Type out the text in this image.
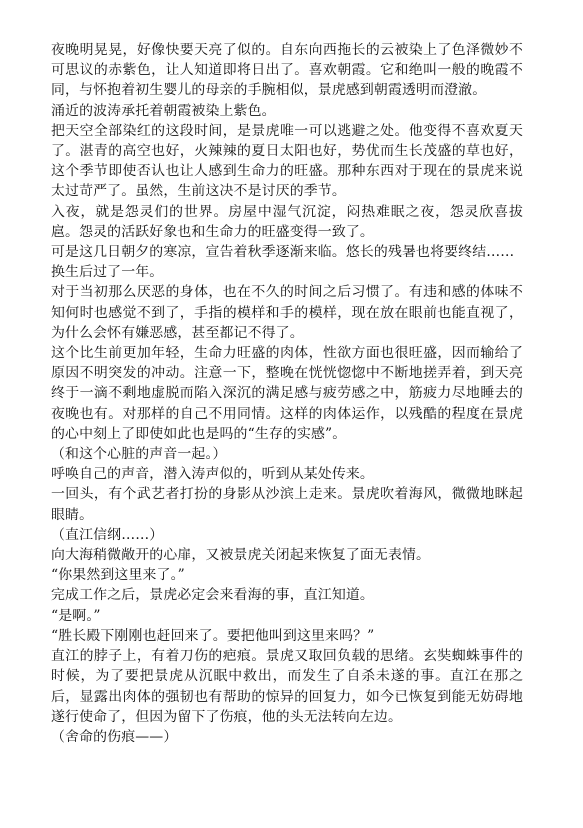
夜晚明晃晃，好像快要天亮了似的。自东向西拖长的云被染上了色泽微妙不可思议的赤紫色，让人知道即将日出了。喜欢朝霞。它和绝叫一般的晚霞不同，与怀抱着初生婴儿的母亲的手腕相似，景虎感到朝霞透明而澄澈。

涌近的波涛承托着朝霞被染上紫色。

把天空全部染红的这段时间，是景虎唯一可以逃避之处。他变得不喜欢夏天了。湛青的高空也好，火辣辣的夏日太阳也好，势优而生长茂盛的草也好，这个季节即使否认也让人感到生命力的旺盛。那种东西对于现在的景虎来说太过苛严了。虽然，生前这决不是讨厌的季节。

入夜，就是怨灵们的世界。房屋中湿气沉淀，闷热难眠之夜，怨灵欣喜拔扈。怨灵的活跃好象也和生命力的旺盛变得一致了。

可是这几日朝夕的寒凉，宣告着秋季逐渐来临。悠长的残暑也将要终结……

换生后过了一年。

对于当初那么厌恶的身体，也在不久的时间之后习惯了。有违和感的体味不知何时也感觉不到了，手指的模样和手的模样，现在放在眼前也能直视了，为什么会怀有嫌恶感，甚至都记不得了。

这个比生前更加年轻，生命力旺盛的肉体，性欲方面也很旺盛，因而输给了原因不明突发的冲动。注意一下，整晚在恍恍惚惚中不断地搓弄着，到天亮终于一滴不剩地虚脱而陷入深沉的满足感与疲劳感之中，筋疲力尽地睡去的夜晚也有。对那样的自己不用同情。这样的肉体运作，以残酷的程度在景虎的心中刻上了即使如此也是吗的“生存的实感”。

（和这个心脏的声音一起。）

呼唤自己的声音，潜入涛声似的，听到从某处传来。

一回头，有个武艺者打扮的身影从沙滨上走来。景虎吹着海风，微微地眯起眼睛。

（直江信纲……）

向大海稍微敞开的心扉，又被景虎关闭起来恢复了面无表情。

“你果然到这里来了。”

完成工作之后，景虎必定会来看海的事，直江知道。

“是啊。”

“胜长殿下刚刚也赶回来了。要把他叫到这里来吗？”

直江的脖子上，有着刀伤的疤痕。景虎又取回负载的思绪。玄奘蜘蛛事件的时候，为了要把景虎从沉眠中救出，而发生了自杀未遂的事。直江在那之后，显露出肉体的强韧也有帮助的惊异的回复力，如今已恢复到能无妨碍地遂行使命了，但因为留下了伤痕，他的头无法转向左边。

（舍命的伤痕——）
